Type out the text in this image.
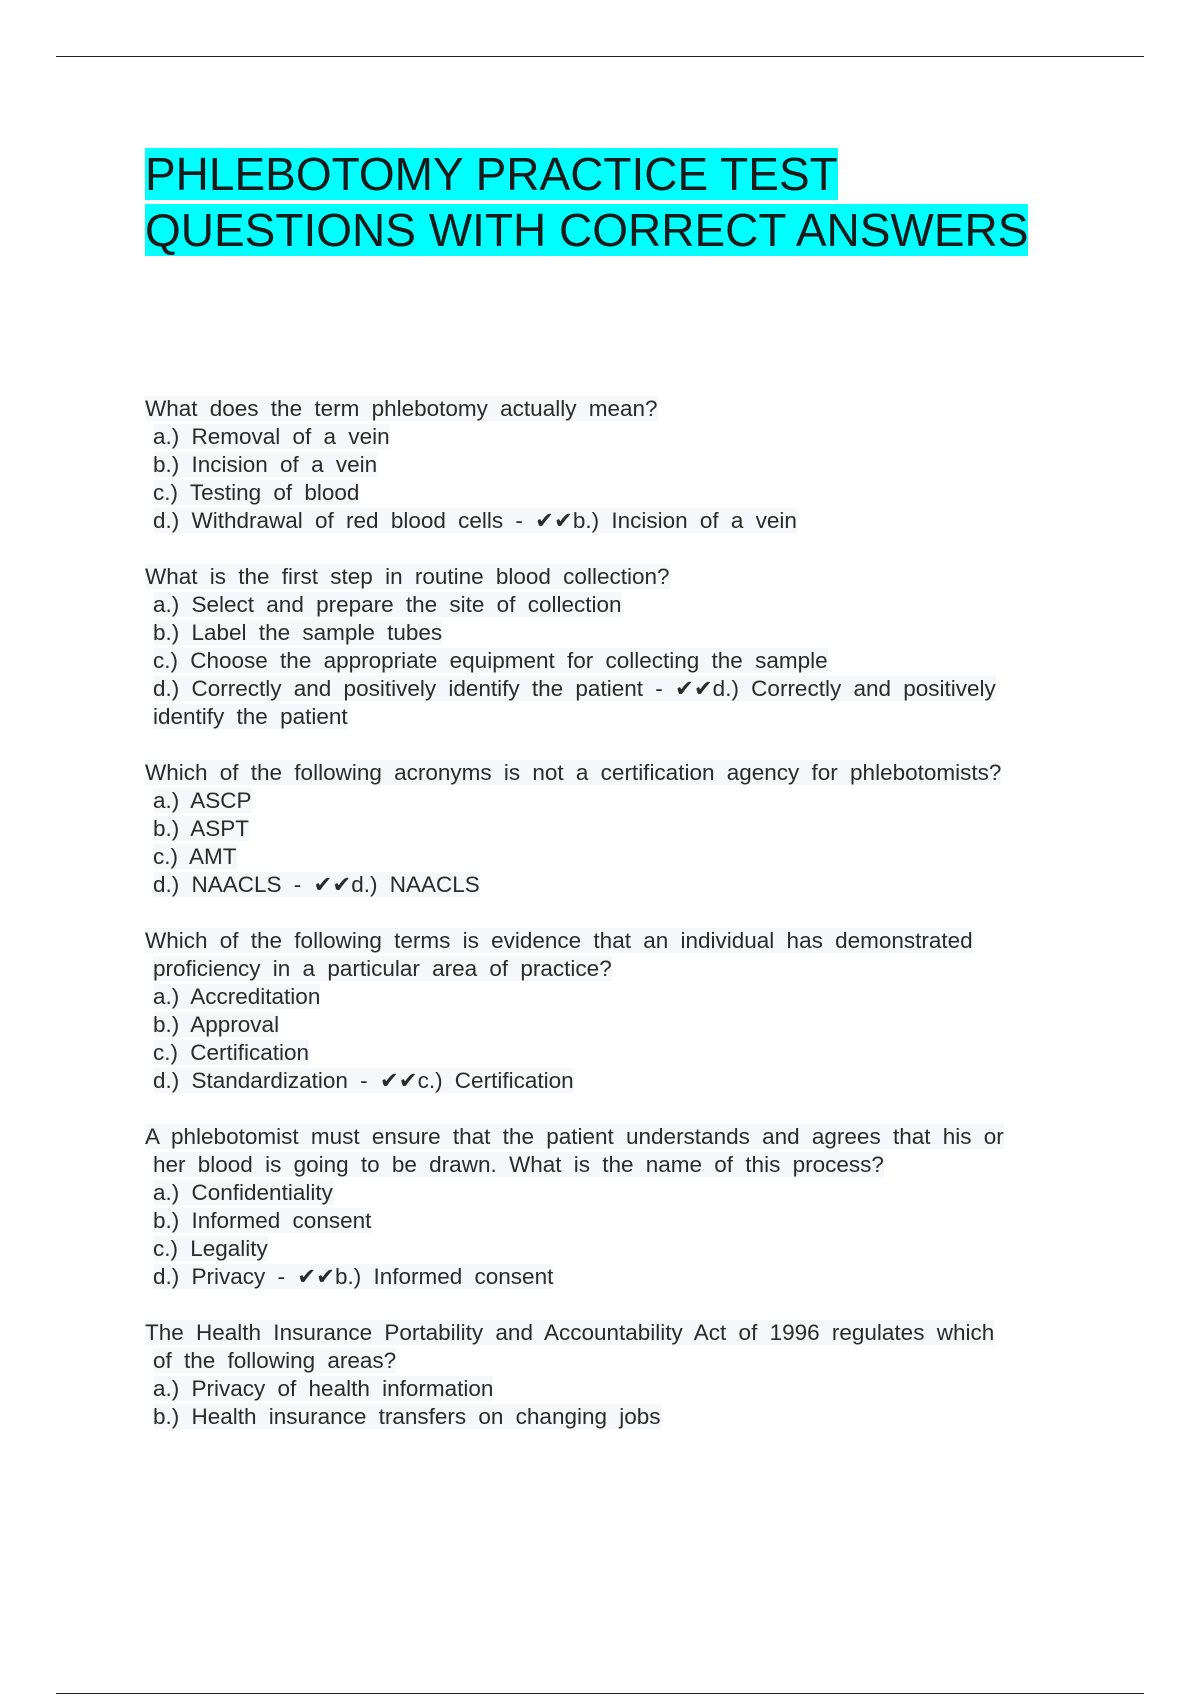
PHLEBOTOMY PRACTICE TEST
QUESTIONS WITH CORRECT ANSWERS
What does the term phlebotomy actually mean?
a.) Removal of a vein
b.) Incision of a vein
c.) Testing of blood
d.) Withdrawal of red blood cells - ✔✔b.) Incision of a vein
What is the first step in routine blood collection?
a.) Select and prepare the site of collection
b.) Label the sample tubes
c.) Choose the appropriate equipment for collecting the sample
d.) Correctly and positively identify the patient - ✔✔d.) Correctly and positively
identify the patient
Which of the following acronyms is not a certification agency for phlebotomists?
a.) ASCP
b.) ASPT
c.) AMT
d.) NAACLS - ✔✔d.) NAACLS
Which of the following terms is evidence that an individual has demonstrated
proficiency in a particular area of practice?
a.) Accreditation
b.) Approval
c.) Certification
d.) Standardization - ✔✔c.) Certification
A phlebotomist must ensure that the patient understands and agrees that his or
her blood is going to be drawn. What is the name of this process?
a.) Confidentiality
b.) Informed consent
c.) Legality
d.) Privacy - ✔✔b.) Informed consent
The Health Insurance Portability and Accountability Act of 1996 regulates which
of the following areas?
a.) Privacy of health information
b.) Health insurance transfers on changing jobs
